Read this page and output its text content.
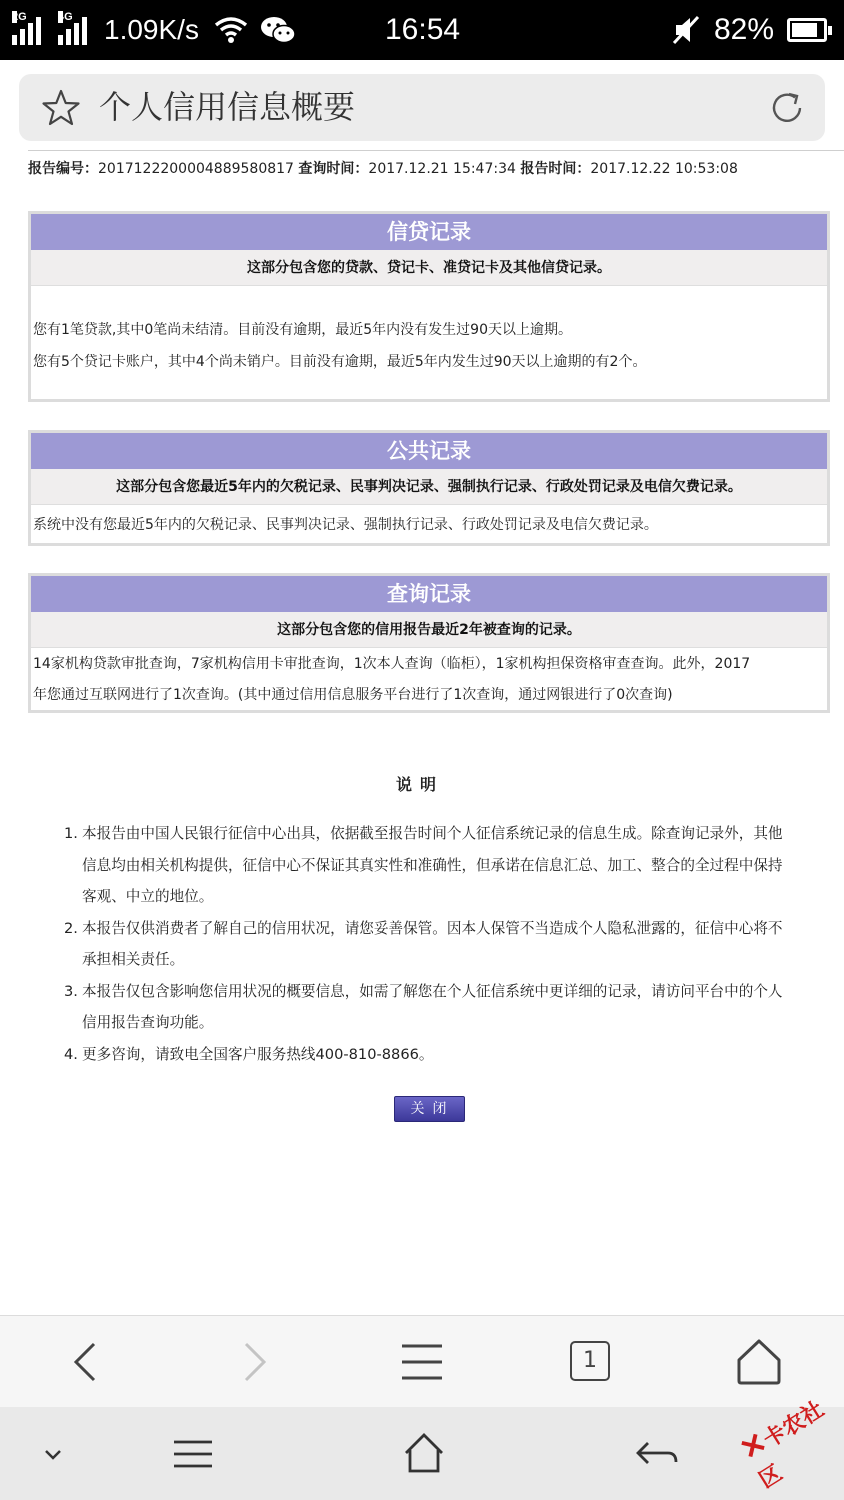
2G	4G 1.09K/s	16:54	82%
个人信用信息概要
报告编号：2017122200004889580817 查询时间：2017.12.21 15:47:34 报告时间：2017.12.22 10:53:08
信贷记录
这部分包含您的贷款、贷记卡、准贷记卡及其他信贷记录。
您有1笔贷款,其中0笔尚未结清。目前没有逾期，最近5年内没有发生过90天以上逾期。
您有5个贷记卡账户，其中4个尚未销户。目前没有逾期，最近5年内发生过90天以上逾期的有2个。
公共记录
这部分包含您最近5年内的欠税记录、民事判决记录、强制执行记录、行政处罚记录及电信欠费记录。
系统中没有您最近5年内的欠税记录、民事判决记录、强制执行记录、行政处罚记录及电信欠费记录。
查询记录
这部分包含您的信用报告最近2年被查询的记录。
14家机构贷款审批查询，7家机构信用卡审批查询，1次本人查询（临柜），1家机构担保资格审查查询。此外，2017
年您通过互联网进行了1次查询。(其中通过信用信息服务平台进行了1次查询，通过网银进行了0次查询)
说明
1. 本报告由中国人民银行征信中心出具，依据截至报告时间个人征信系统记录的信息生成。除查询记录外，其他
信息均由相关机构提供，征信中心不保证其真实性和准确性，但承诺在信息汇总、加工、整合的全过程中保持
客观、中立的地位。
2. 本报告仅供消费者了解自己的信用状况，请您妥善保管。因本人保管不当造成个人隐私泄露的，征信中心将不
承担相关责任。
3. 本报告仅包含影响您信用状况的概要信息，如需了解您在个人征信系统中更详细的记录，请访问平台中的个人
信用报告查询功能。
4. 更多咨询，请致电全国客户服务热线400-810-8866。
关闭
1
✕卡农社区
